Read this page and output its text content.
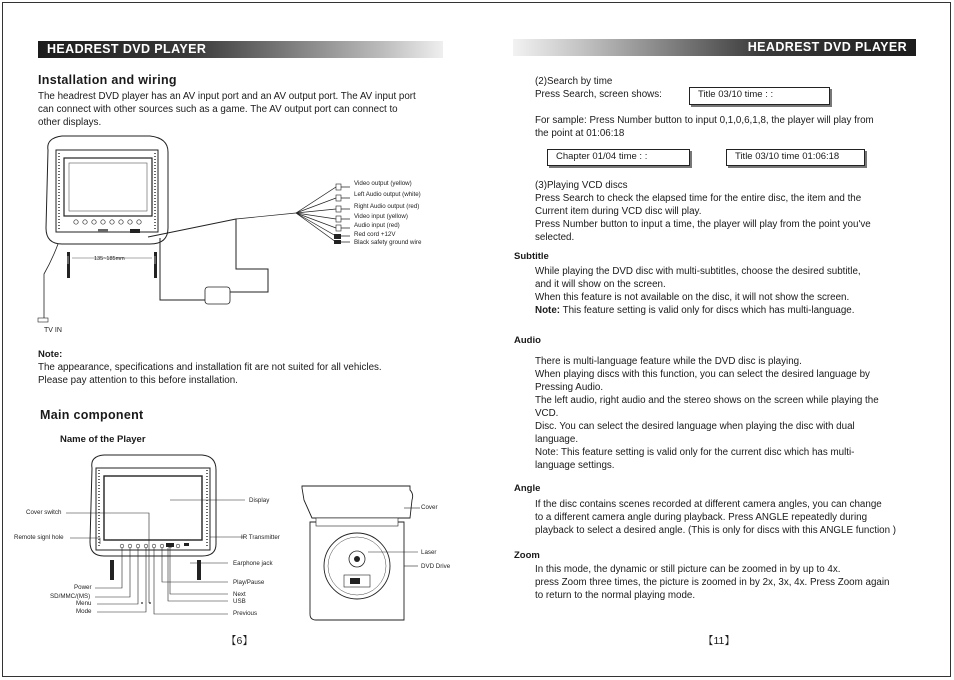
HEADREST DVD PLAYER
Installation and wiring
The headrest DVD player has an AV input port and an AV output port. The AV input port
can connect with other sources such as a game. The AV output port can connect to
other displays.
Video output (yellow)
Left Audio output (white)
Right Audio output (red)
Video input (yellow)
Audio input (red)
Red cord +12V
Black safety ground wire
135~185mm
TV IN
Note:
The appearance, specifications and installation fit are not suited for all vehicles.
Please pay attention to this before installation.
Main component
Name of the Player
Cover switch
Remote signl hole
Power
SD/MMC/(MS)
Menu
Mode
Display
IR Transmitter
Earphone jack
Play/Pause
Next
USB
Previous
Cover
Laser
DVD Drive
【6】
HEADREST DVD PLAYER
(2)Search by time
Press Search, screen shows:	Title 03/10 time : :
For sample: Press Number button to input 0,1,0,6,1,8, the player will play from
the point at 01:06:18
Chapter 01/04 time : :	Title 03/10 time 01:06:18
(3)Playing VCD discs
Press Search to check the elapsed time for the entire disc, the item and the
Current item during VCD disc will play.
Press Number button to input a time, the player will play from the point you've
selected.
Subtitle
While playing the DVD disc with multi-subtitles, choose the desired subtitle,
and it will show on the screen.
When this feature is not available on the disc, it will not show the screen.
Note: This feature setting is valid only for discs which has multi-language.
Audio
There is multi-language feature while the DVD disc is playing.
When playing discs with this function, you can select the desired language by
Pressing Audio.
The left audio, right audio and the stereo shows on the screen while playing the
VCD.
Disc. You can select the desired language when playing the disc with dual
language.
Note: This feature setting is valid only for the current disc which has multi-
language settings.
Angle
If the disc contains scenes recorded at different camera angles, you can change
to a different camera angle during playback. Press ANGLE repeatedly during
playback to select a desired angle. (This is only for discs with this ANGLE function )
Zoom
In this mode, the dynamic or still picture can be zoomed in by up to 4x.
press Zoom three times, the picture is zoomed in by 2x, 3x, 4x. Press Zoom again
to return to the normal playing mode.
【11】
